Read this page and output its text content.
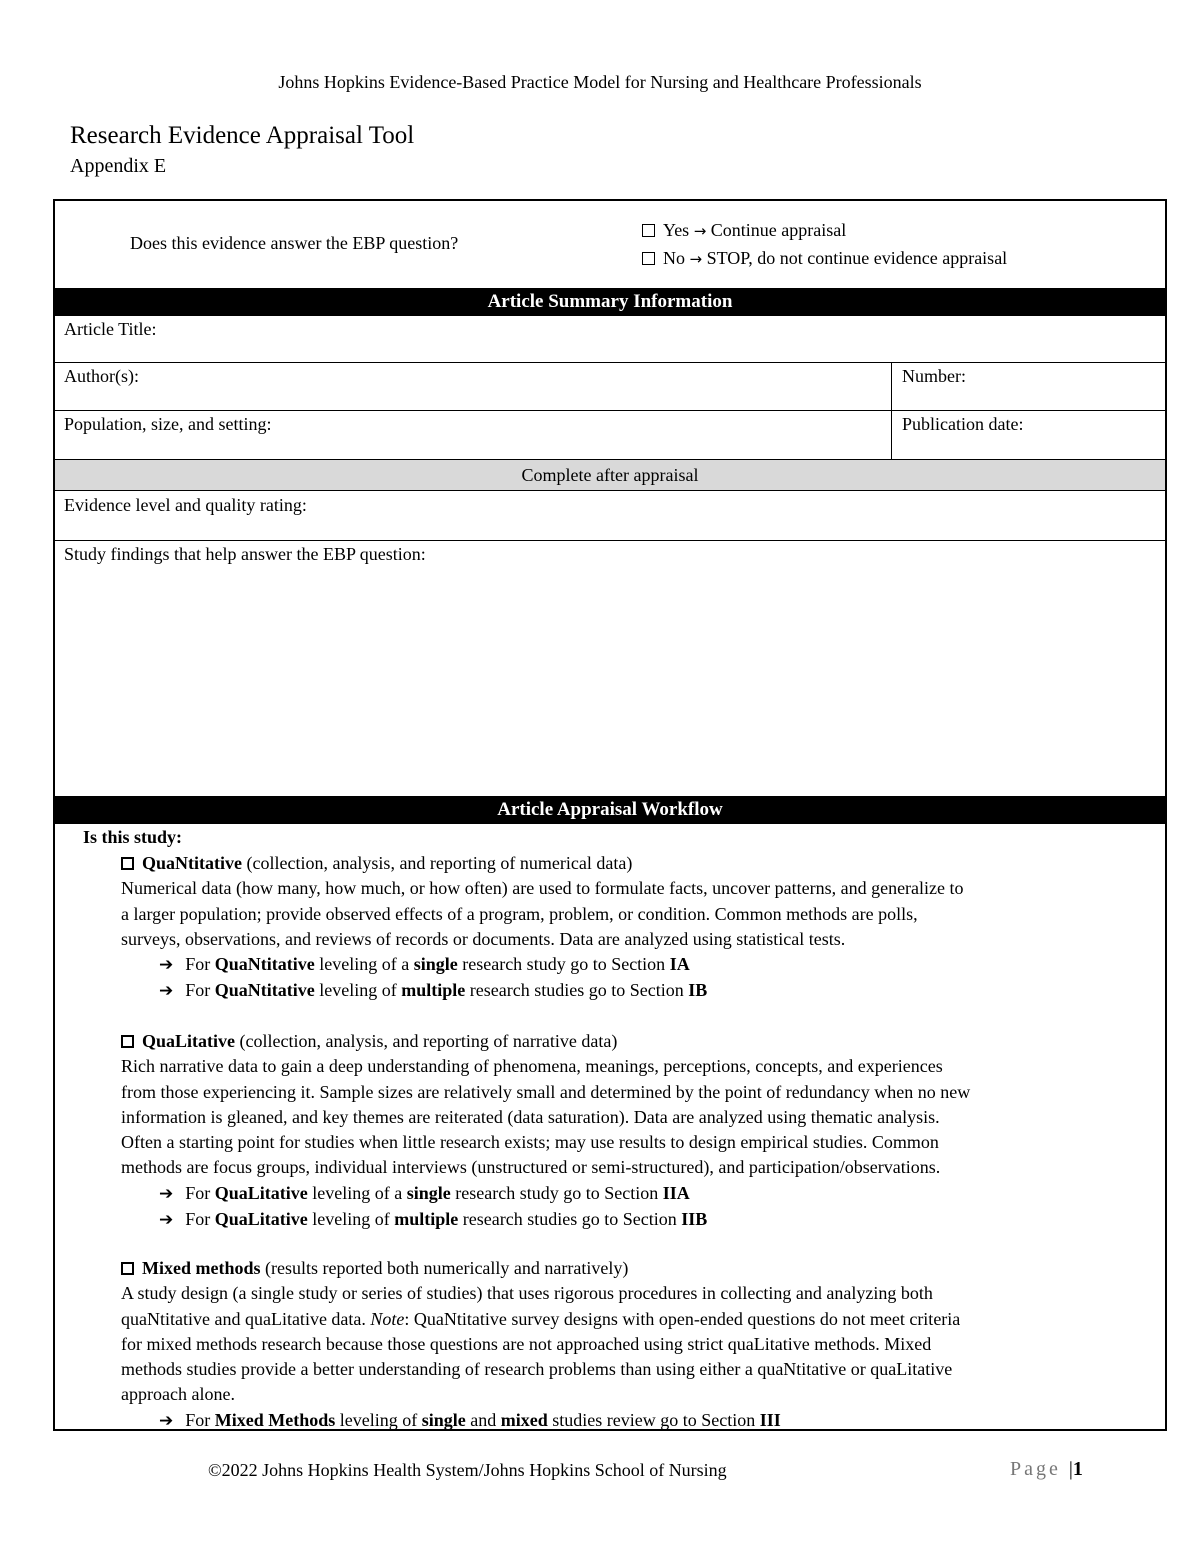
Johns Hopkins Evidence-Based Practice Model for Nursing and Healthcare Professionals
Research Evidence Appraisal Tool
Appendix E
Does this evidence answer the EBP question?
Yes → Continue appraisal
No → STOP, do not continue evidence appraisal
Article Summary Information
Article Title:
Author(s):	Number:
Population, size, and setting:	Publication date:
Complete after appraisal
Evidence level and quality rating:
Study findings that help answer the EBP question:
Article Appraisal Workflow
Is this study:
QuaNtitative (collection, analysis, and reporting of numerical data)
Numerical data (how many, how much, or how often) are used to formulate facts, uncover patterns, and generalize to
a larger population; provide observed effects of a program, problem, or condition. Common methods are polls,
surveys, observations, and reviews of records or documents. Data are analyzed using statistical tests.
➔ For QuaNtitative leveling of a single research study go to Section IA
➔ For QuaNtitative leveling of multiple research studies go to Section IB
QuaLitative (collection, analysis, and reporting of narrative data)
Rich narrative data to gain a deep understanding of phenomena, meanings, perceptions, concepts, and experiences
from those experiencing it. Sample sizes are relatively small and determined by the point of redundancy when no new
information is gleaned, and key themes are reiterated (data saturation). Data are analyzed using thematic analysis.
Often a starting point for studies when little research exists; may use results to design empirical studies. Common
methods are focus groups, individual interviews (unstructured or semi-structured), and participation/observations.
➔ For QuaLitative leveling of a single research study go to Section IIA
➔ For QuaLitative leveling of multiple research studies go to Section IIB
Mixed methods (results reported both numerically and narratively)
A study design (a single study or series of studies) that uses rigorous procedures in collecting and analyzing both
quaNtitative and quaLitative data. Note: QuaNtitative survey designs with open-ended questions do not meet criteria
for mixed methods research because those questions are not approached using strict quaLitative methods. Mixed
methods studies provide a better understanding of research problems than using either a quaNtitative or quaLitative
approach alone.
➔ For Mixed Methods leveling of single and mixed studies review go to Section III
©2022 Johns Hopkins Health System/Johns Hopkins School of Nursing	Page |1
